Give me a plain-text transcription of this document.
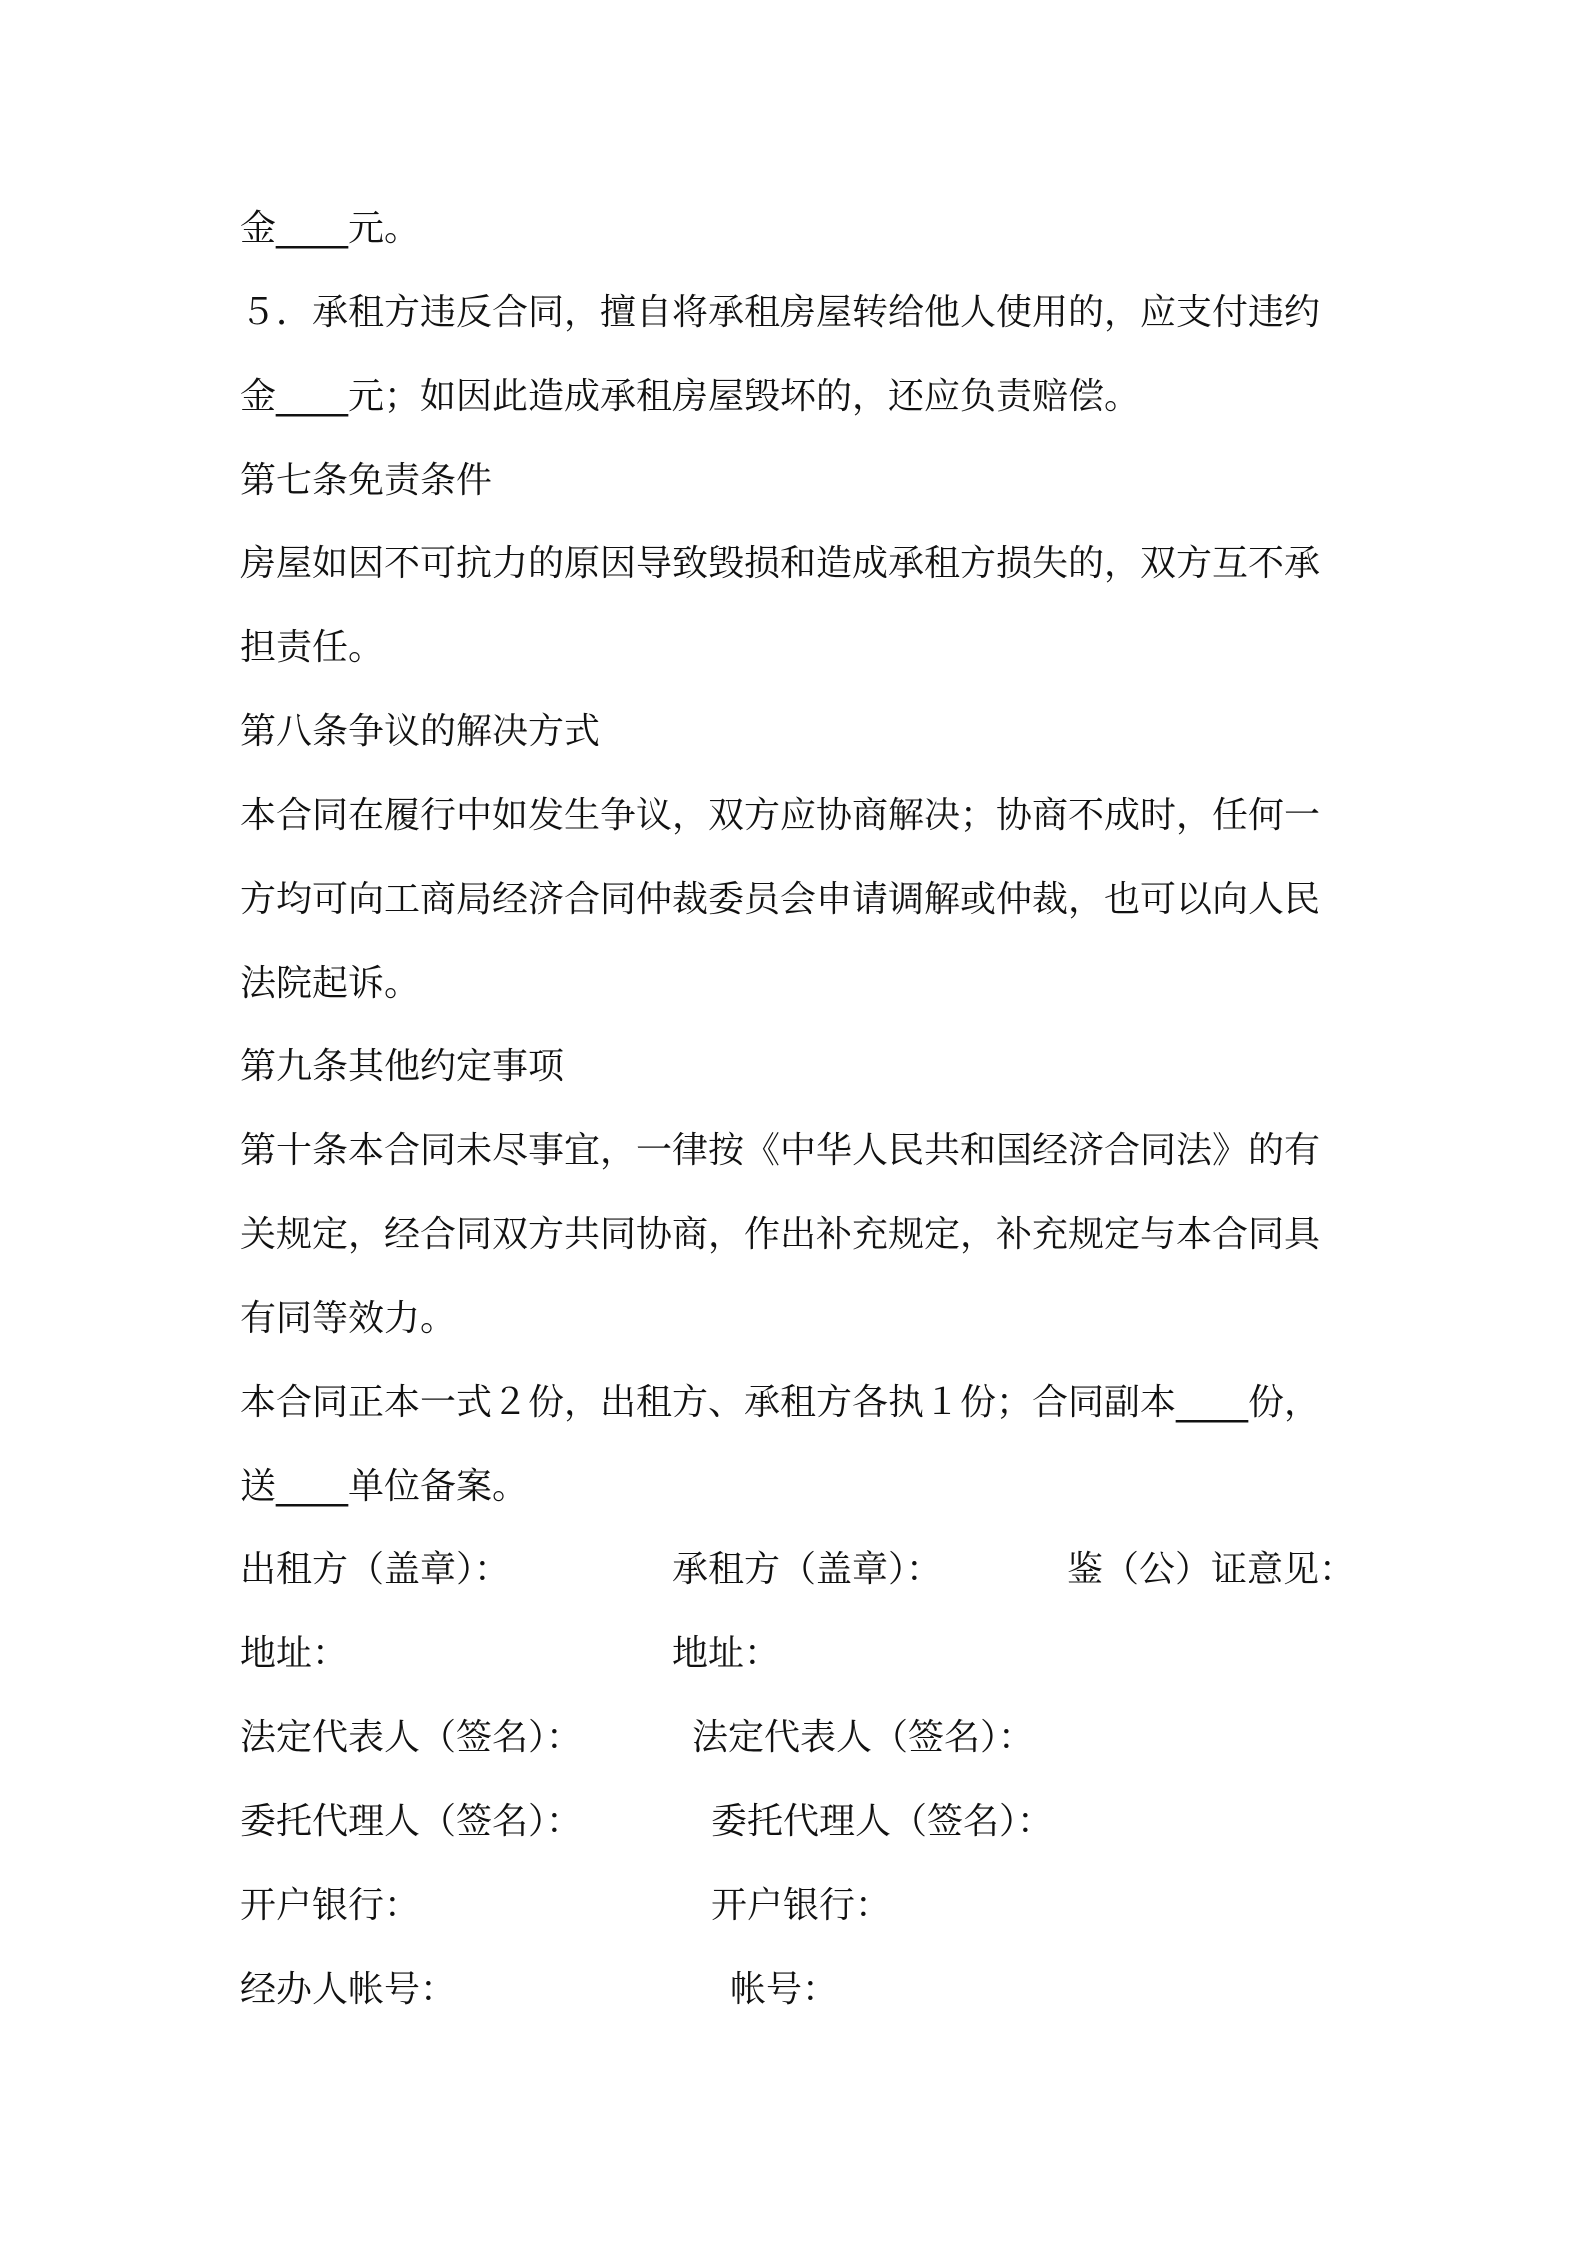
金____元。
５．承租方违反合同，擅自将承租房屋转给他人使用的，应支付违约
金____元；如因此造成承租房屋毁坏的，还应负责赔偿。
第七条免责条件
房屋如因不可抗力的原因导致毁损和造成承租方损失的，双方互不承
担责任。
第八条争议的解决方式
本合同在履行中如发生争议，双方应协商解决；协商不成时，任何一
方均可向工商局经济合同仲裁委员会申请调解或仲裁，也可以向人民
法院起诉。
第九条其他约定事项
第十条本合同未尽事宜，一律按《中华人民共和国经济合同法》的有
关规定，经合同双方共同协商，作出补充规定，补充规定与本合同具
有同等效力。
本合同正本一式２份，出租方、承租方各执１份；合同副本____份，
送____单位备案。
出租方（盖章）：	承租方（盖章）：	鉴（公）证意见：
地址：	地址：
法定代表人（签名）：	法定代表人（签名）：
委托代理人（签名）：	委托代理人（签名）：
开户银行：	开户银行：
经办人帐号：	帐号：
